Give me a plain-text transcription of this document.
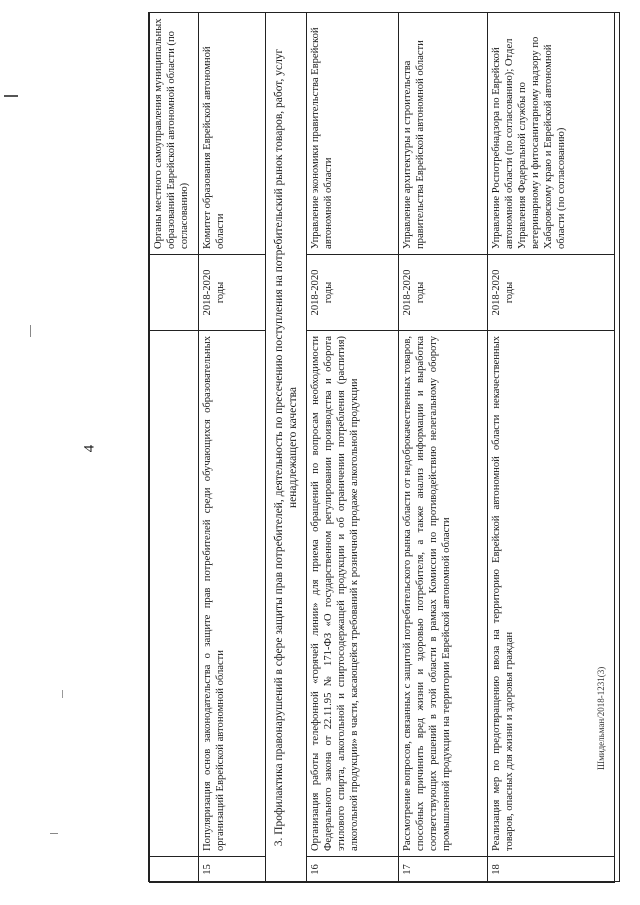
4
			Органы местного самоуправления муниципальных образований Еврейской автономной области (по согласованию)
15	Популяризация основ законодательства о защите прав потребителей среди обучающихся образовательных организаций Еврейской автономной области	2018-2020 годы	Комитет образования Еврейской автономной области
3. Профилактика правонарушений в сфере защиты прав потребителей, деятельность по пресечению поступления на потребительский рынок товаров, работ, услуг ненадлежащего качества			
16	Организация работы телефонной «горячей линии» для приема обращений по вопросам необходимости Федерального закона от 22.11.95 № 171-ФЗ «О государственном регулировании производства и оборота этилового спирта, алкогольной и спиртосодержащей продукции и об ограничении потребления (распития) алкогольной продукции» в части, касающейся требований к розничной продаже алкогольной продукции	2018-2020 годы	Управление экономики правительства Еврейской автономной области
17	Рассмотрение вопросов, связанных с защитой потребительского рынка области от недоброкачественных товаров, способных причинить вред жизни и здоровью потребителя, а также анализ информации и выработка соответствующих решений в этой области в рамках Комиссии по противодействию нелегальному обороту промышленной продукции на территории Еврейской автономной области	2018-2020 годы	Управление архитектуры и строительства правительства Еврейской автономной области
18	Реализация мер по предотвращению ввоза на территорию Еврейской автономной области некачественных товаров, опасных для жизни и здоровья граждан	2018-2020 годы	Управление Роспотребнадзора по Еврейской автономной области (по согласованию); Отдел Управления Федеральной службы по ветеринарному и фитосанитарному надзору по Хабаровскому краю и Еврейской автономной области (по согласованию)
Шмидельман/2018-1231(3)
